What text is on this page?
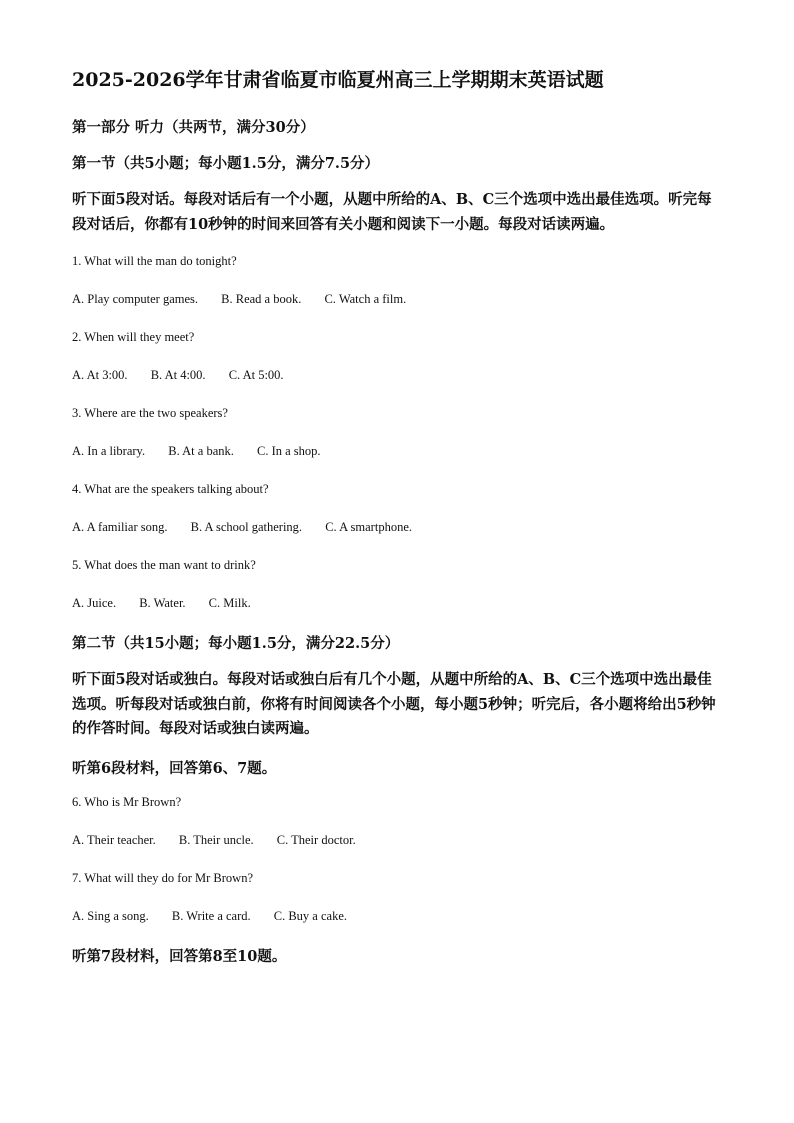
2025-2026学年甘肃省临夏市临夏州高三上学期期末英语试题
第一部分 听力（共两节，满分30分）
第一节（共5小题；每小题1.5分，满分7.5分）
听下面5段对话。每段对话后有一个小题，从题中所给的A、B、C三个选项中选出最佳选项。听完每段对话后，你都有10秒钟的时间来回答有关小题和阅读下一小题。每段对话读两遍。
1. What will the man do tonight?
A. Play computer games. B. Read a book. C. Watch a film.
2. When will they meet?
A. At 3:00. B. At 4:00. C. At 5:00.
3. Where are the two speakers?
A. In a library. B. At a bank. C. In a shop.
4. What are the speakers talking about?
A. A familiar song. B. A school gathering. C. A smartphone.
5. What does the man want to drink?
A. Juice. B. Water. C. Milk.
第二节（共15小题；每小题1.5分，满分22.5分）
听下面5段对话或独白。每段对话或独白后有几个小题，从题中所给的A、B、C三个选项中选出最佳选项。听每段对话或独白前，你将有时间阅读各个小题，每小题5秒钟；听完后，各小题将给出5秒钟的作答时间。每段对话或独白读两遍。
听第6段材料，回答第6、7题。
6. Who is Mr Brown?
A. Their teacher. B. Their uncle. C. Their doctor.
7. What will they do for Mr Brown?
A. Sing a song. B. Write a card. C. Buy a cake.
听第7段材料，回答第8至10题。
